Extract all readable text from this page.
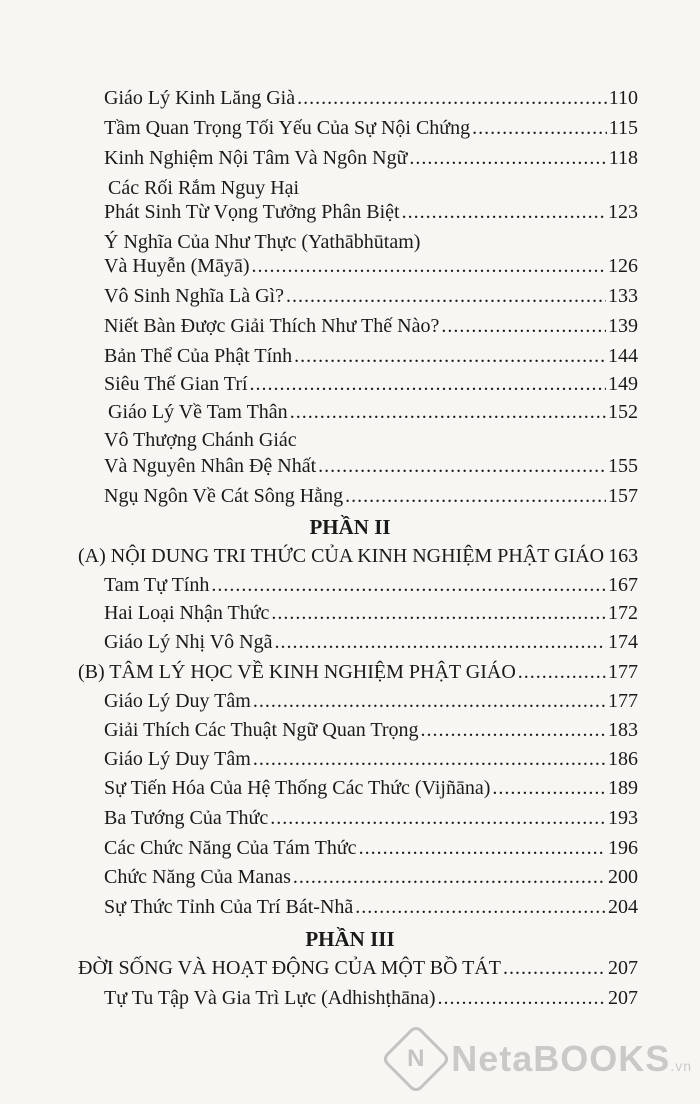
Giáo Lý Kinh Lăng Già .....	110
Tầm Quan Trọng Tối Yếu Của Sự Nội Chứng .....	115
Kinh Nghiệm Nội Tâm Và Ngôn Ngữ .....	118
Các Rối Rắm Nguy Hại
Phát Sinh Từ Vọng Tưởng Phân Biệt .....	123
Ý Nghĩa Của Như Thực (Yathābhūtam)
Và Huyễn (Māyā) .....	126
Vô Sinh Nghĩa Là Gì? .....	133
Niết Bàn Được Giải Thích Như Thế Nào? .....	139
Bản Thể Của Phật Tính .....	144
Siêu Thế Gian Trí .....	149
Giáo Lý Về Tam Thân .....	152
Vô Thượng Chánh Giác
Và Nguyên Nhân Đệ Nhất .....	155
Ngụ Ngôn Về Cát Sông Hằng .....	157
PHẦN II
(A) NỘI DUNG TRI THỨC CỦA KINH NGHIỆM PHẬT GIÁO 163
Tam Tự Tính .....	167
Hai Loại Nhận Thức .....	172
Giáo Lý Nhị Vô Ngã .....	174
(B) TÂM LÝ HỌC VỀ KINH NGHIỆM PHẬT GIÁO .....	177
Giáo Lý Duy Tâm .....	177
Giải Thích Các Thuật Ngữ Quan Trọng .....	183
Giáo Lý Duy Tâm .....	186
Sự Tiến Hóa Của Hệ Thống Các Thức (Vijñāna) .....	189
Ba Tướng Của Thức .....	193
Các Chức Năng Của Tám Thức .....	196
Chức Năng Của Manas .....	200
Sự Thức Tỉnh Của Trí Bát-Nhã .....	204
PHẦN III
ĐỜI SỐNG VÀ HOẠT ĐỘNG CỦA MỘT BỒ TÁT .....	207
Tự Tu Tập Và Gia Trì Lực (Adhishṭhāna) .....	207
N NetaBOOKS.vn
